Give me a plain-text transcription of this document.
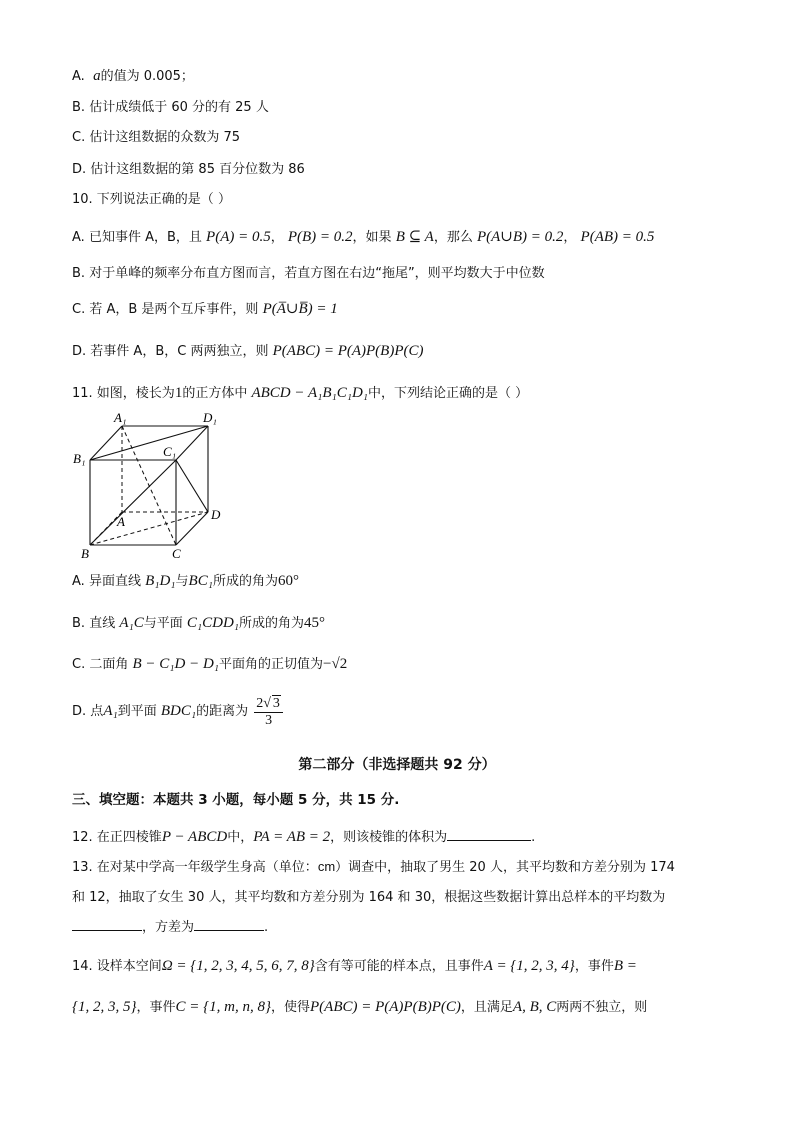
A. a的值为 0.005；
B. 估计成绩低于 60 分的有 25 人
C. 估计这组数据的众数为 75
D. 估计这组数据的第 85 百分位数为 86
10. 下列说法正确的是（ ）
A. 已知事件 A，B，且 P(A) = 0.5， P(B) = 0.2，如果 B ⊆ A，那么 P(A∪B) = 0.2， P(AB) = 0.5
B. 对于单峰的频率分布直方图而言，若直方图在右边“拖尾”，则平均数大于中位数
C. 若 A，B 是两个互斥事件，则 P(A̅∪B̅) = 1
D. 若事件 A，B，C 两两独立，则 P(ABC) = P(A)P(B)P(C)
11. 如图，棱长为1的正方体中 ABCD − A₁B₁C₁D₁中，下列结论正确的是（ ）
A₁	D₁
B₁	C₁
A	D
B	C
A. 异面直线 B₁D₁与BC₁所成的角为60°
B. 直线 A₁C与平面 C₁CDD₁所成的角为45°
C. 二面角 B − C₁D − D₁平面角的正切值为−√2
D. 点A₁到平面 BDC₁的距离为 $\frac{2√ 3}{3}$
第二部分（非选择题共 92 分）
三、填空题：本题共 3 小题，每小题 5 分，共 15 分.
12. 在正四棱锥P − ABCD中，PA = AB = 2，则该棱锥的体积为	.
13. 在对某中学高一年级学生身高（单位：cm）调查中，抽取了男生 20 人，其平均数和方差分别为 174
和 12，抽取了女生 30 人，其平均数和方差分别为 164 和 30，根据这些数据计算出总样本的平均数为
，方差为	.
14. 设样本空间Ω = {1, 2, 3, 4, 5, 6, 7, 8}含有等可能的样本点，且事件A = {1, 2, 3, 4}，事件B =
{1, 2, 3, 5}，事件C = {1, m, n, 8}，使得P(ABC) = P(A)P(B)P(C)，且满足A, B, C两两不独立，则
